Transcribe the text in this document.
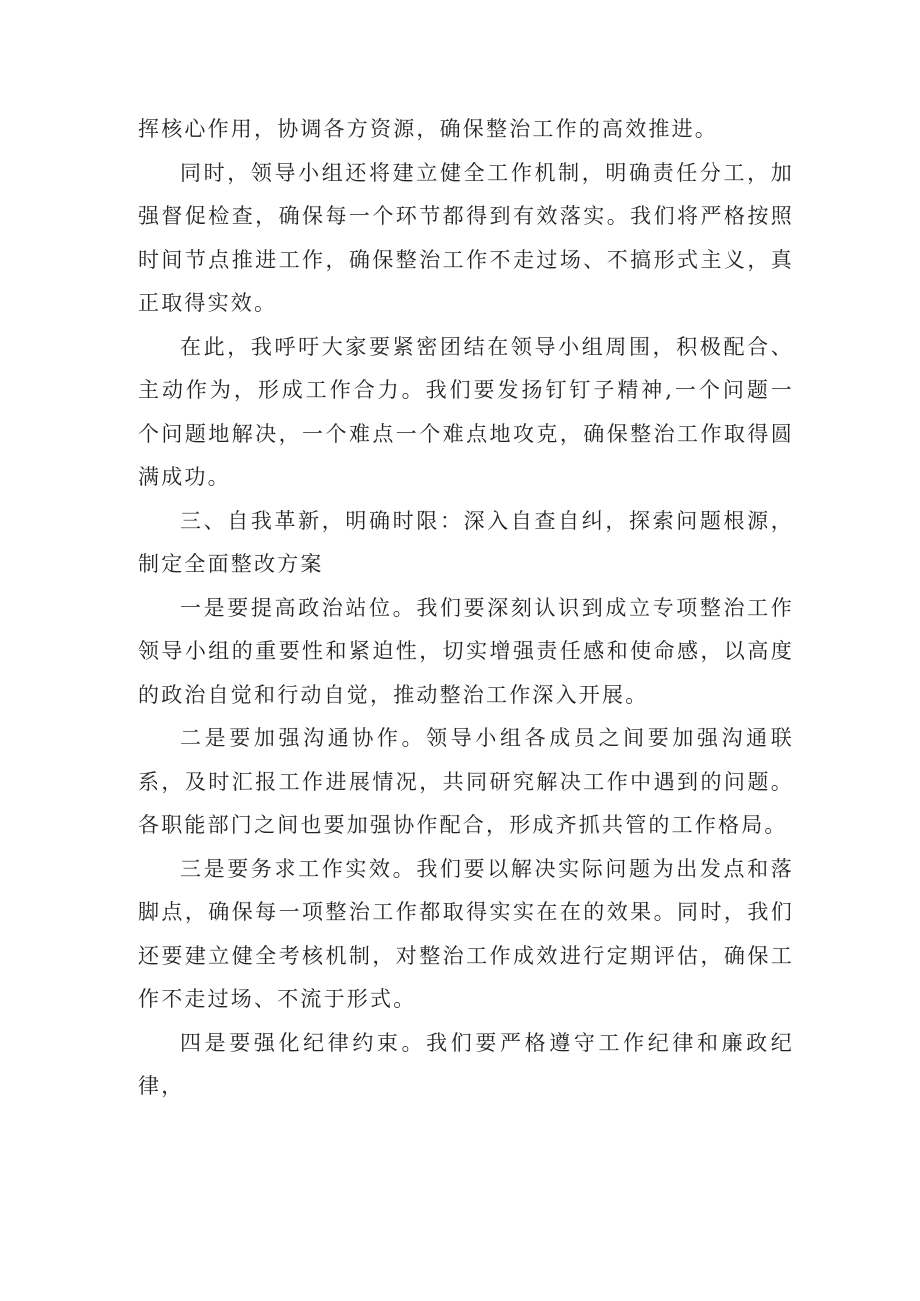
挥核心作用，协调各方资源，确保整治工作的高效推进。

同时，领导小组还将建立健全工作机制，明确责任分工，加强督促检查，确保每一个环节都得到有效落实。我们将严格按照时间节点推进工作，确保整治工作不走过场、不搞形式主义，真正取得实效。

在此，我呼吁大家要紧密团结在领导小组周围，积极配合、主动作为，形成工作合力。我们要发扬钉钉子精神,一个问题一个问题地解决，一个难点一个难点地攻克，确保整治工作取得圆满成功。

三、自我革新，明确时限：深入自查自纠，探索问题根源，制定全面整改方案

一是要提高政治站位。我们要深刻认识到成立专项整治工作领导小组的重要性和紧迫性，切实增强责任感和使命感，以高度的政治自觉和行动自觉，推动整治工作深入开展。

二是要加强沟通协作。领导小组各成员之间要加强沟通联系，及时汇报工作进展情况，共同研究解决工作中遇到的问题。各职能部门之间也要加强协作配合，形成齐抓共管的工作格局。

三是要务求工作实效。我们要以解决实际问题为出发点和落脚点，确保每一项整治工作都取得实实在在的效果。同时，我们还要建立健全考核机制，对整治工作成效进行定期评估，确保工作不走过场、不流于形式。

四是要强化纪律约束。我们要严格遵守工作纪律和廉政纪律，
